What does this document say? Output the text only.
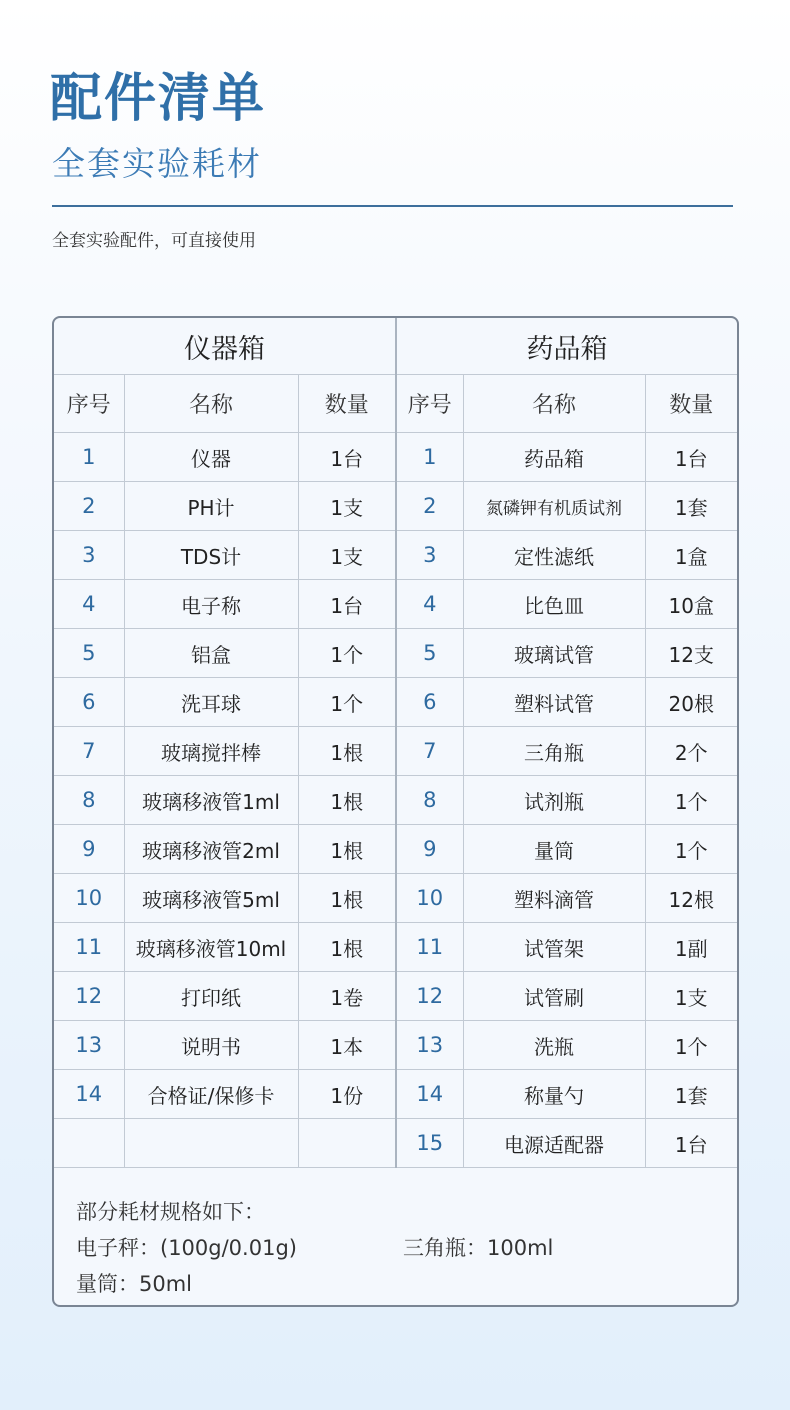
配件清单
全套实验耗材
全套实验配件，可直接使用
仪器箱			药品箱		
序号	名称	数量	序号	名称	数量
1	仪器	1台	1	药品箱	1台
2	PH计	1支	2	氮磷钾有机质试剂	1套
3	TDS计	1支	3	定性滤纸	1盒
4	电子称	1台	4	比色皿	10盒
5	铝盒	1个	5	玻璃试管	12支
6	洗耳球	1个	6	塑料试管	20根
7	玻璃搅拌棒	1根	7	三角瓶	2个
8	玻璃移液管1ml	1根	8	试剂瓶	1个
9	玻璃移液管2ml	1根	9	量筒	1个
10	玻璃移液管5ml	1根	10	塑料滴管	12根
11	玻璃移液管10ml	1根	11	试管架	1副
12	打印纸	1卷	12	试管刷	1支
13	说明书	1本	13	洗瓶	1个
14	合格证/保修卡	1份	14	称量勺	1套
			15	电源适配器	1台
部分耗材规格如下：
电子秤：(100g/0.01g)	三角瓶：100ml
量筒：50ml
